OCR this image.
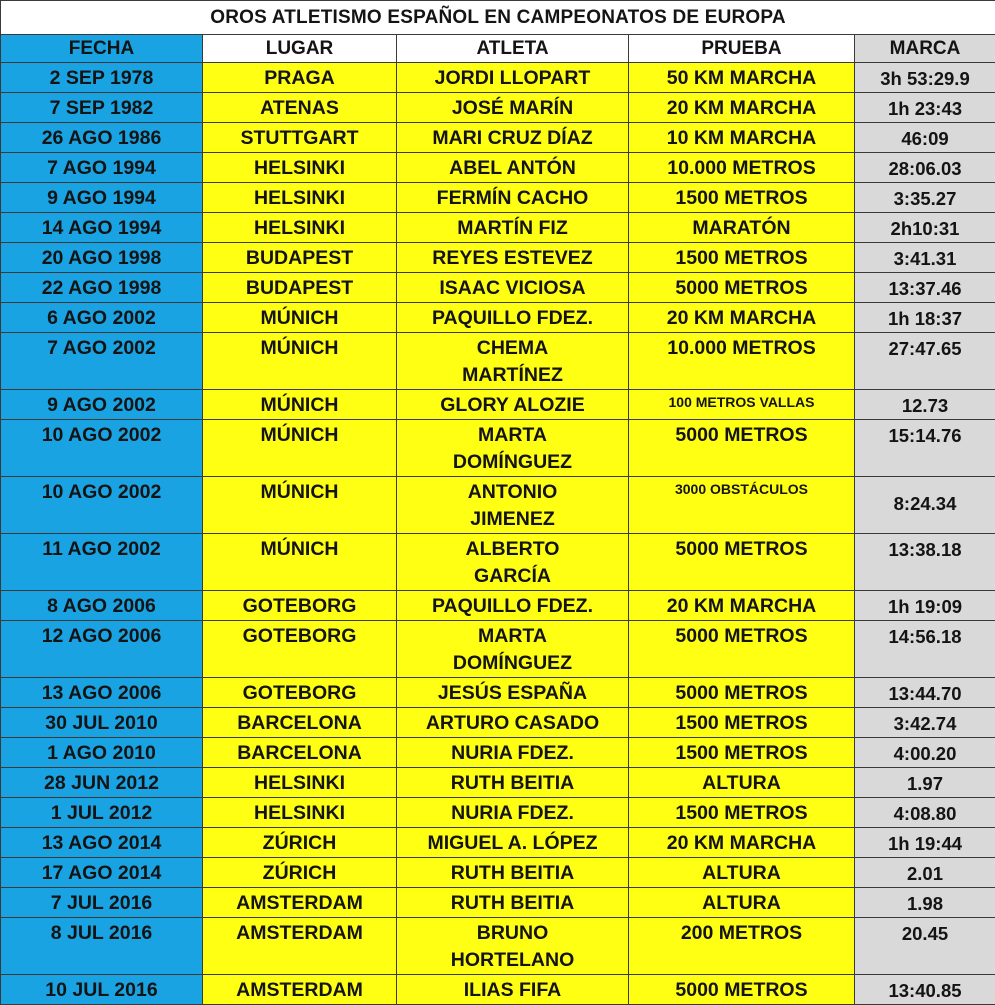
OROS ATLETISMO ESPAÑOL EN CAMPEONATOS DE EUROPA				
FECHA	LUGAR	ATLETA	PRUEBA	MARCA

2 SEP 1978	PRAGA	JORDI LLOPART	50 KM MARCHA	3h 53:29.9

7 SEP 1982	ATENAS	JOSÉ MARÍN	20 KM MARCHA	1h 23:43

26 AGO 1986	STUTTGART	MARI CRUZ DÍAZ	10 KM MARCHA	46:09

7 AGO 1994	HELSINKI	ABEL ANTÓN	10.000 METROS	28:06.03

9 AGO 1994	HELSINKI	FERMÍN CACHO	1500 METROS	3:35.27

14 AGO 1994	HELSINKI	MARTÍN FIZ	MARATÓN	2h10:31

20 AGO 1998	BUDAPEST	REYES ESTEVEZ	1500 METROS	3:41.31

22 AGO 1998	BUDAPEST	ISAAC VICIOSA	5000 METROS	13:37.46

6 AGO 2002	MÚNICH	PAQUILLO FDEZ.	20 KM MARCHA	1h 18:37

7 AGO 2002	MÚNICH	CHEMA
MARTÍNEZ	10.000 METROS	27:47.65

9 AGO 2002	MÚNICH	GLORY ALOZIE	100 METROS VALLAS	12.73

10 AGO 2002	MÚNICH	MARTA
DOMÍNGUEZ	5000 METROS	15:14.76

10 AGO 2002	MÚNICH	ANTONIO
JIMENEZ	3000 OBSTÁCULOS	8:24.34

11 AGO 2002	MÚNICH	ALBERTO
GARCÍA	5000 METROS	13:38.18

8 AGO 2006	GOTEBORG	PAQUILLO FDEZ.	20 KM MARCHA	1h 19:09

12 AGO 2006	GOTEBORG	MARTA
DOMÍNGUEZ	5000 METROS	14:56.18

13 AGO 2006	GOTEBORG	JESÚS ESPAÑA	5000 METROS	13:44.70

30 JUL 2010	BARCELONA	ARTURO CASADO	1500 METROS	3:42.74

1 AGO 2010	BARCELONA	NURIA FDEZ.	1500 METROS	4:00.20

28 JUN 2012	HELSINKI	RUTH BEITIA	ALTURA	1.97

1 JUL 2012	HELSINKI	NURIA FDEZ.	1500 METROS	4:08.80

13 AGO 2014	ZÚRICH	MIGUEL A. LÓPEZ	20 KM MARCHA	1h 19:44

17 AGO 2014	ZÚRICH	RUTH BEITIA	ALTURA	2.01

7 JUL 2016	AMSTERDAM	RUTH BEITIA	ALTURA	1.98

8 JUL 2016	AMSTERDAM	BRUNO
HORTELANO	200 METROS	20.45

10 JUL 2016	AMSTERDAM	ILIAS FIFA	5000 METROS	13:40.85
